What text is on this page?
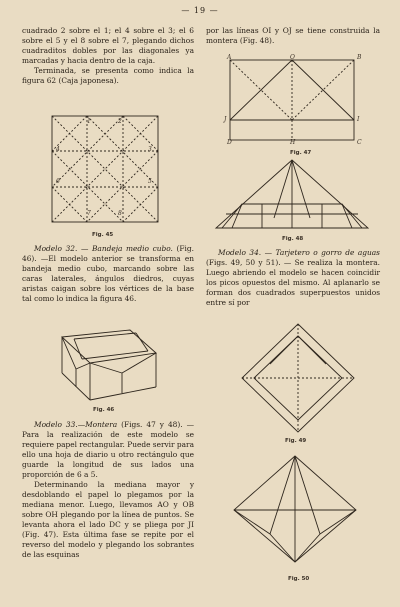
— 19 —

cuadrado 2 sobre el 1; el 4 sobre el 3; el 6 sobre el 5 y el 8 sobre el 7, plegando dichos cuadraditos dobles por las diagonales ya marcadas y hacia dentro de la caja.

Terminada, se presenta como indica la figura 62 (Caja japonesa).

1	2
3
4
5
6
7	8
Fig. 45

Modelo 32. — Bandeja medio cubo. (Fig. 46). —El modelo anterior se transforma en bandeja medio cubo, marcando sobre las caras laterales, ángulos diedros, cuyas aristas caigan sobre los vértices de la base tal como lo indica la figura 46.

Fig. 46

Modelo 33.—Montera (Figs. 47 y 48). — Para la realización de este modelo se requiere papel rectangular. Puede servir para ello una hoja de diario u otro rectángulo que guarde la longitud de sus lados una proporción de 6 a 5.

Determinando la mediana mayor y desdoblando el papel lo plegamos por la mediana menor. Luego, llevamos AO y OB sobre OH plegando por la línea de puntos. Se levanta ahora el lado DC y se pliega por JI (Fig. 47). Esta última fase se repite por el reverso del modelo y plegando los sobrantes de las esquinas

por las líneas OI y OJ se tiene construida la montera (Fig. 48).

A	O	B
J	I
D	H	C
Fig. 47
Fig. 48

Modelo 34. — Tarjetero o gorro de aguas (Figs. 49, 50 y 51). — Se realiza la montera. Luego abriendo el modelo se hacen coincidir los picos opuestos del mismo. Al aplanarlo se forman dos cuadrados superpuestos unidos entre sí por

Fig. 49
Fig. 50
